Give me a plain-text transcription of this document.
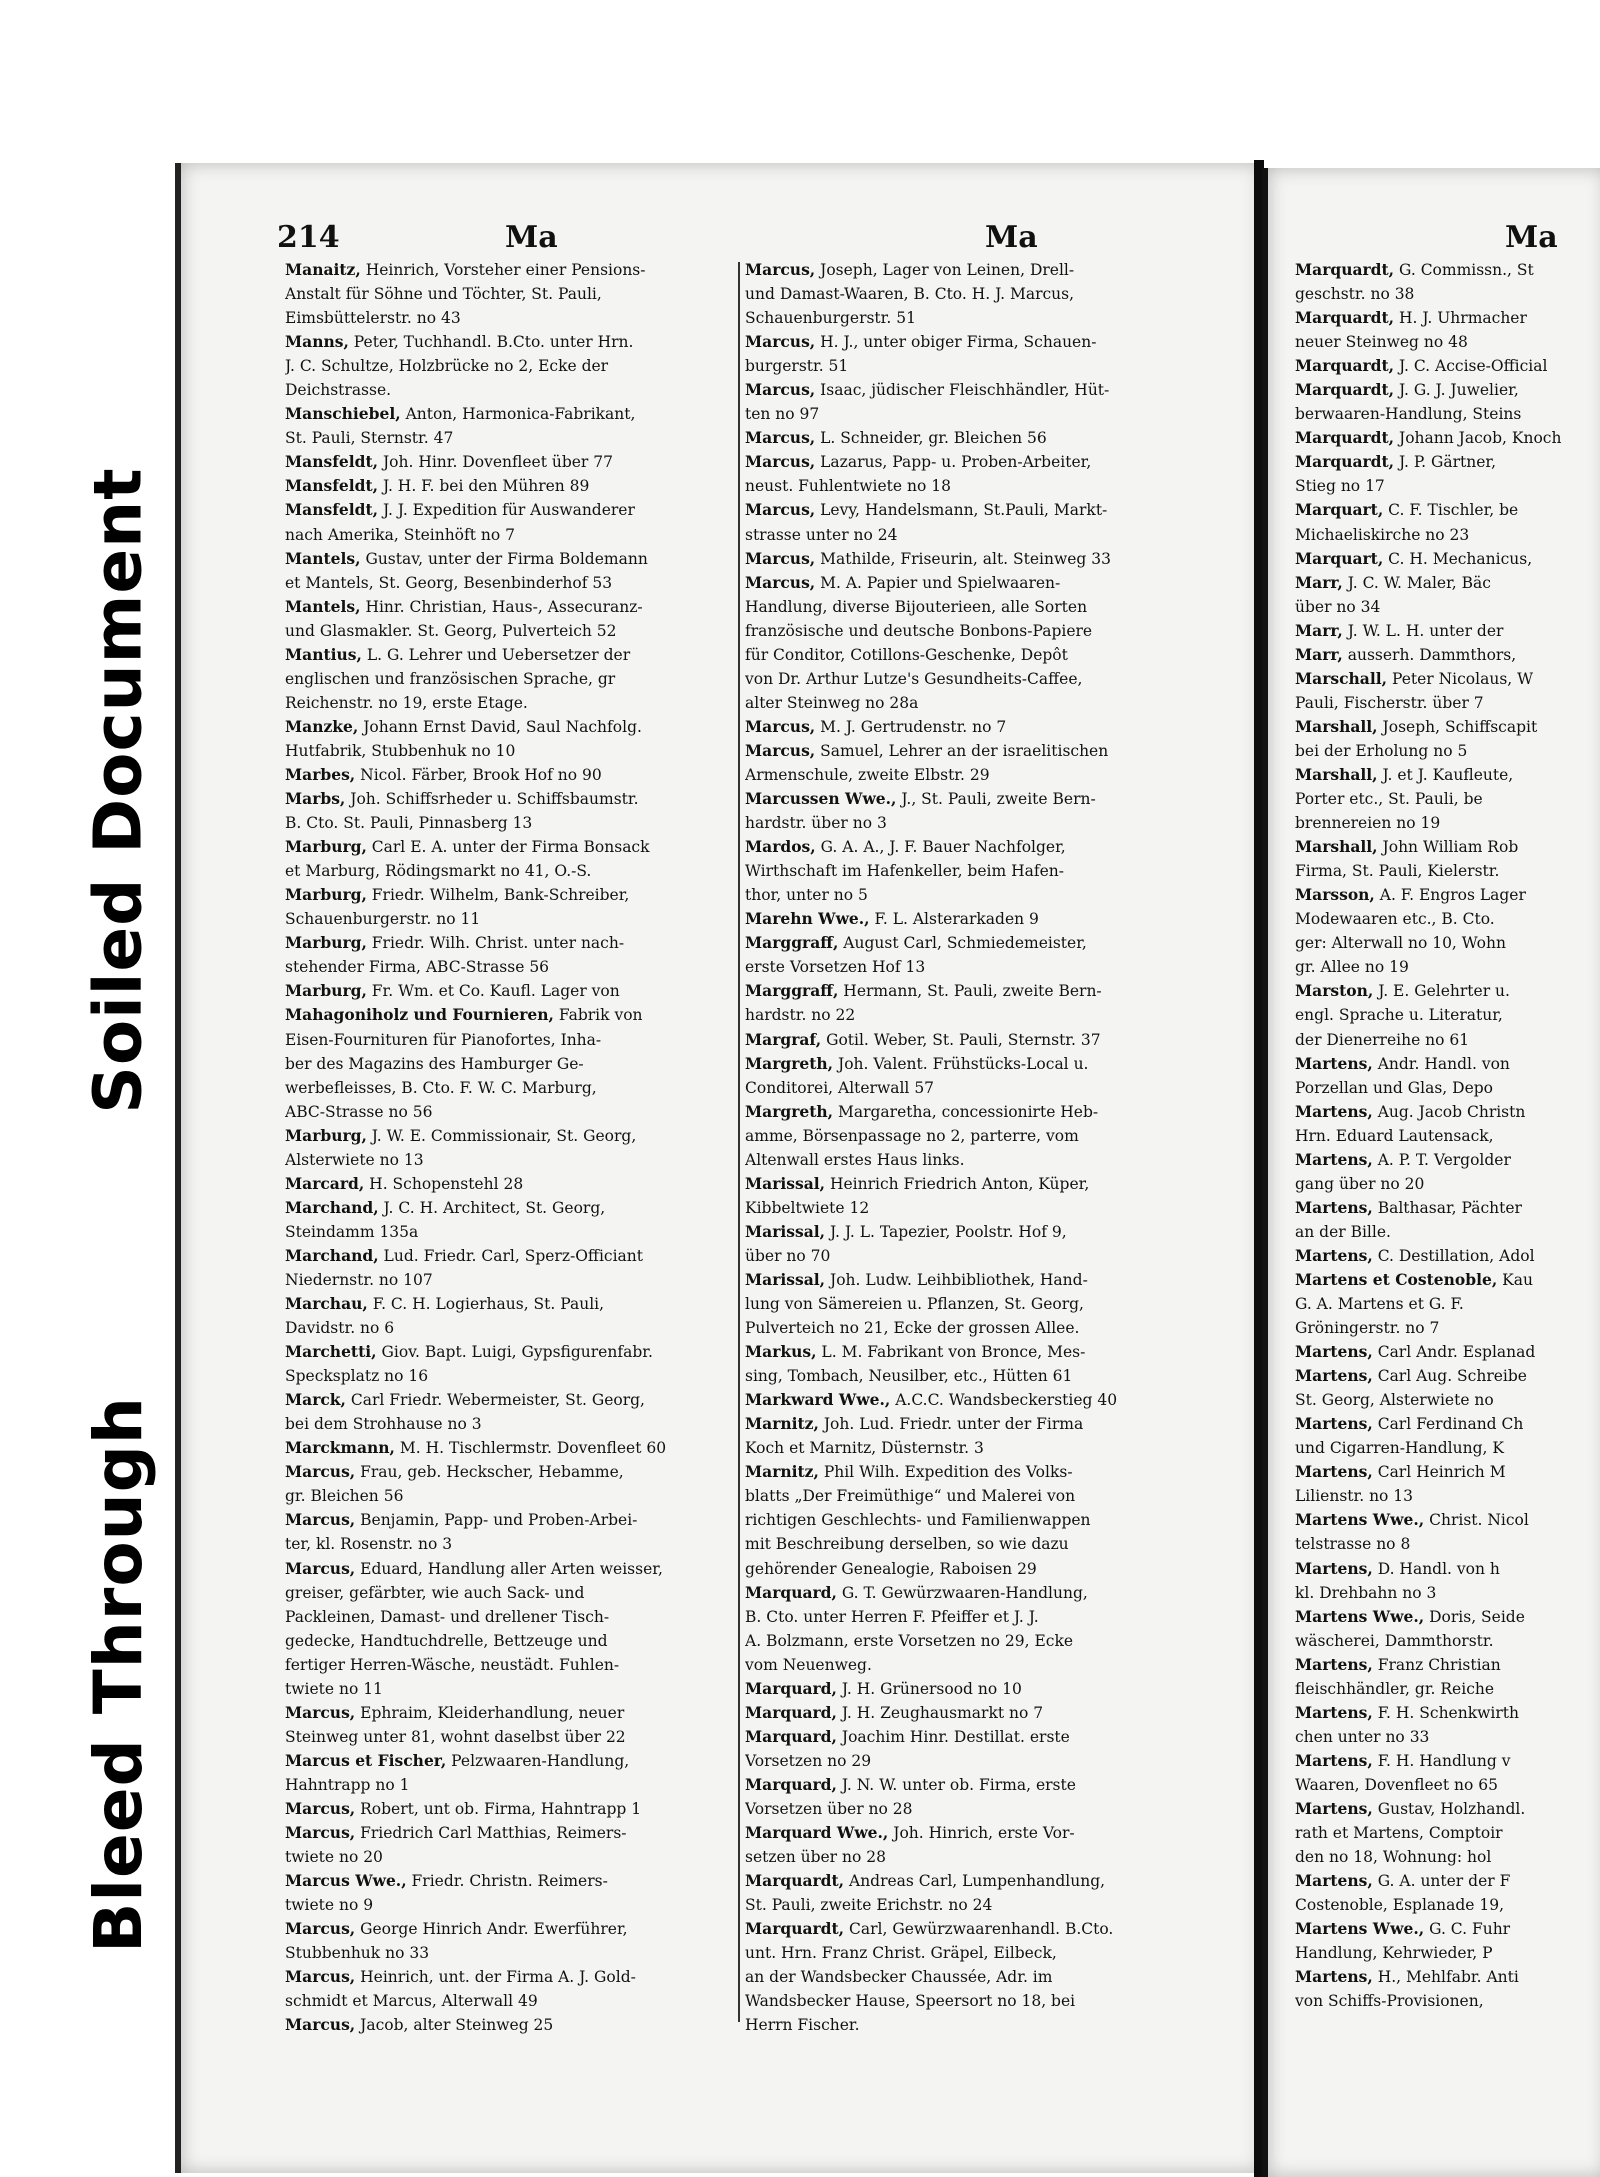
Soiled Document
Bleed Through
214	Ma	Ma	Ma
Manaitz, Heinrich, Vorsteher einer Pensions-
Anstalt für Söhne und Töchter, St. Pauli,
Eimsbüttelerstr. no 43
Manns, Peter, Tuchhandl. B.Cto. unter Hrn.
J. C. Schultze, Holzbrücke no 2, Ecke der
Deichstrasse.
Manschiebel, Anton, Harmonica-Fabrikant,
St. Pauli, Sternstr. 47
Mansfeldt, Joh. Hinr. Dovenfleet über 77
Mansfeldt, J. H. F. bei den Mühren 89
Mansfeldt, J. J. Expedition für Auswanderer
nach Amerika, Steinhöft no 7
Mantels, Gustav, unter der Firma Boldemann
et Mantels, St. Georg, Besenbinderhof 53
Mantels, Hinr. Christian, Haus-, Assecuranz-
und Glasmakler. St. Georg, Pulverteich 52
Mantius, L. G. Lehrer und Uebersetzer der
englischen und französischen Sprache, gr
Reichenstr. no 19, erste Etage.
Manzke, Johann Ernst David, Saul Nachfolg.
Hutfabrik, Stubbenhuk no 10
Marbes, Nicol. Färber, Brook Hof no 90
Marbs, Joh. Schiffsrheder u. Schiffsbaumstr.
B. Cto. St. Pauli, Pinnasberg 13
Marburg, Carl E. A. unter der Firma Bonsack
et Marburg, Rödingsmarkt no 41, O.-S.
Marburg, Friedr. Wilhelm, Bank-Schreiber,
Schauenburgerstr. no 11
Marburg, Friedr. Wilh. Christ. unter nach-
stehender Firma, ABC-Strasse 56
Marburg, Fr. Wm. et Co. Kaufl. Lager von
Mahagoniholz und Fournieren, Fabrik von
Eisen-Fournituren für Pianofortes, Inha-
ber des Magazins des Hamburger Ge-
werbefleisses, B. Cto. F. W. C. Marburg,
ABC-Strasse no 56
Marburg, J. W. E. Commissionair, St. Georg,
Alsterwiete no 13
Marcard, H. Schopenstehl 28
Marchand, J. C. H. Architect, St. Georg,
Steindamm 135a
Marchand, Lud. Friedr. Carl, Sperz-Officiant
Niedernstr. no 107
Marchau, F. C. H. Logierhaus, St. Pauli,
Davidstr. no 6
Marchetti, Giov. Bapt. Luigi, Gypsfigurenfabr.
Specksplatz no 16
Marck, Carl Friedr. Webermeister, St. Georg,
bei dem Strohhause no 3
Marckmann, M. H. Tischlermstr. Dovenfleet 60
Marcus, Frau, geb. Heckscher, Hebamme,
gr. Bleichen 56
Marcus, Benjamin, Papp- und Proben-Arbei-
ter, kl. Rosenstr. no 3
Marcus, Eduard, Handlung aller Arten weisser,
greiser, gefärbter, wie auch Sack- und
Packleinen, Damast- und drellener Tisch-
gedecke, Handtuchdrelle, Bettzeuge und
fertiger Herren-Wäsche, neustädt. Fuhlen-
twiete no 11
Marcus, Ephraim, Kleiderhandlung, neuer
Steinweg unter 81, wohnt daselbst über 22
Marcus et Fischer, Pelzwaaren-Handlung,
Hahntrapp no 1
Marcus, Robert, unt ob. Firma, Hahntrapp 1
Marcus, Friedrich Carl Matthias, Reimers-
twiete no 20
Marcus Wwe., Friedr. Christn. Reimers-
twiete no 9
Marcus, George Hinrich Andr. Ewerführer,
Stubbenhuk no 33
Marcus, Heinrich, unt. der Firma A. J. Gold-
schmidt et Marcus, Alterwall 49
Marcus, Jacob, alter Steinweg 25
Marcus, Joseph, Lager von Leinen, Drell-
und Damast-Waaren, B. Cto. H. J. Marcus,
Schauenburgerstr. 51
Marcus, H. J., unter obiger Firma, Schauen-
burgerstr. 51
Marcus, Isaac, jüdischer Fleischhändler, Hüt-
ten no 97
Marcus, L. Schneider, gr. Bleichen 56
Marcus, Lazarus, Papp- u. Proben-Arbeiter,
neust. Fuhlentwiete no 18
Marcus, Levy, Handelsmann, St.Pauli, Markt-
strasse unter no 24
Marcus, Mathilde, Friseurin, alt. Steinweg 33
Marcus, M. A. Papier und Spielwaaren-
Handlung, diverse Bijouterieen, alle Sorten
französische und deutsche Bonbons-Papiere
für Conditor, Cotillons-Geschenke, Depôt
von Dr. Arthur Lutze's Gesundheits-Caffee,
alter Steinweg no 28a
Marcus, M. J. Gertrudenstr. no 7
Marcus, Samuel, Lehrer an der israelitischen
Armenschule, zweite Elbstr. 29
Marcussen Wwe., J., St. Pauli, zweite Bern-
hardstr. über no 3
Mardos, G. A. A., J. F. Bauer Nachfolger,
Wirthschaft im Hafenkeller, beim Hafen-
thor, unter no 5
Marehn Wwe., F. L. Alsterarkaden 9
Marggraff, August Carl, Schmiedemeister,
erste Vorsetzen Hof 13
Marggraff, Hermann, St. Pauli, zweite Bern-
hardstr. no 22
Margraf, Gotil. Weber, St. Pauli, Sternstr. 37
Margreth, Joh. Valent. Frühstücks-Local u.
Conditorei, Alterwall 57
Margreth, Margaretha, concessionirte Heb-
amme, Börsenpassage no 2, parterre, vom
Altenwall erstes Haus links.
Marissal, Heinrich Friedrich Anton, Küper,
Kibbeltwiete 12
Marissal, J. J. L. Tapezier, Poolstr. Hof 9,
über no 70
Marissal, Joh. Ludw. Leihbibliothek, Hand-
lung von Sämereien u. Pflanzen, St. Georg,
Pulverteich no 21, Ecke der grossen Allee.
Markus, L. M. Fabrikant von Bronce, Mes-
sing, Tombach, Neusilber, etc., Hütten 61
Markward Wwe., A.C.C. Wandsbeckerstieg 40
Marnitz, Joh. Lud. Friedr. unter der Firma
Koch et Marnitz, Düsternstr. 3
Marnitz, Phil Wilh. Expedition des Volks-
blatts „Der Freimüthige“ und Malerei von
richtigen Geschlechts- und Familienwappen
mit Beschreibung derselben, so wie dazu
gehörender Genealogie, Raboisen 29
Marquard, G. T. Gewürzwaaren-Handlung,
B. Cto. unter Herren F. Pfeiffer et J. J.
A. Bolzmann, erste Vorsetzen no 29, Ecke
vom Neuenweg.
Marquard, J. H. Grünersood no 10
Marquard, J. H. Zeughausmarkt no 7
Marquard, Joachim Hinr. Destillat. erste
Vorsetzen no 29
Marquard, J. N. W. unter ob. Firma, erste
Vorsetzen über no 28
Marquard Wwe., Joh. Hinrich, erste Vor-
setzen über no 28
Marquardt, Andreas Carl, Lumpenhandlung,
St. Pauli, zweite Erichstr. no 24
Marquardt, Carl, Gewürzwaarenhandl. B.Cto.
unt. Hrn. Franz Christ. Gräpel, Eilbeck,
an der Wandsbecker Chaussée, Adr. im
Wandsbecker Hause, Speersort no 18, bei
Herrn Fischer.
Marquardt, G. Commissn., St
geschstr. no 38
Marquardt, H. J. Uhrmacher
neuer Steinweg no 48
Marquardt, J. C. Accise-Official
Marquardt, J. G. J. Juwelier,
berwaaren-Handlung, Steins
Marquardt, Johann Jacob, Knoch
Marquardt, J. P. Gärtner,
Stieg no 17
Marquart, C. F. Tischler, be
Michaeliskirche no 23
Marquart, C. H. Mechanicus,
Marr, J. C. W. Maler, Bäc
über no 34
Marr, J. W. L. H. unter der
Marr, ausserh. Dammthors,
Marschall, Peter Nicolaus, W
Pauli, Fischerstr. über 7
Marshall, Joseph, Schiffscapit
bei der Erholung no 5
Marshall, J. et J. Kaufleute,
Porter etc., St. Pauli, be
brennereien no 19
Marshall, John William Rob
Firma, St. Pauli, Kielerstr.
Marsson, A. F. Engros Lager
Modewaaren etc., B. Cto.
ger: Alterwall no 10, Wohn
gr. Allee no 19
Marston, J. E. Gelehrter u.
engl. Sprache u. Literatur,
der Dienerreihe no 61
Martens, Andr. Handl. von
Porzellan und Glas, Depo
Martens, Aug. Jacob Christn
Hrn. Eduard Lautensack,
Martens, A. P. T. Vergolder
gang über no 20
Martens, Balthasar, Pächter
an der Bille.
Martens, C. Destillation, Adol
Martens et Costenoble, Kau
G. A. Martens et G. F.
Gröningerstr. no 7
Martens, Carl Andr. Esplanad
Martens, Carl Aug. Schreibe
St. Georg, Alsterwiete no
Martens, Carl Ferdinand Ch
und Cigarren-Handlung, K
Martens, Carl Heinrich M
Lilienstr. no 13
Martens Wwe., Christ. Nicol
telstrasse no 8
Martens, D. Handl. von h
kl. Drehbahn no 3
Martens Wwe., Doris, Seide
wäscherei, Dammthorstr.
Martens, Franz Christian
fleischhändler, gr. Reiche
Martens, F. H. Schenkwirth
chen unter no 33
Martens, F. H. Handlung v
Waaren, Dovenfleet no 65
Martens, Gustav, Holzhandl.
rath et Martens, Comptoir
den no 18, Wohnung: hol
Martens, G. A. unter der F
Costenoble, Esplanade 19,
Martens Wwe., G. C. Fuhr
Handlung, Kehrwieder, P
Martens, H., Mehlfabr. Anti
von Schiffs-Provisionen,
